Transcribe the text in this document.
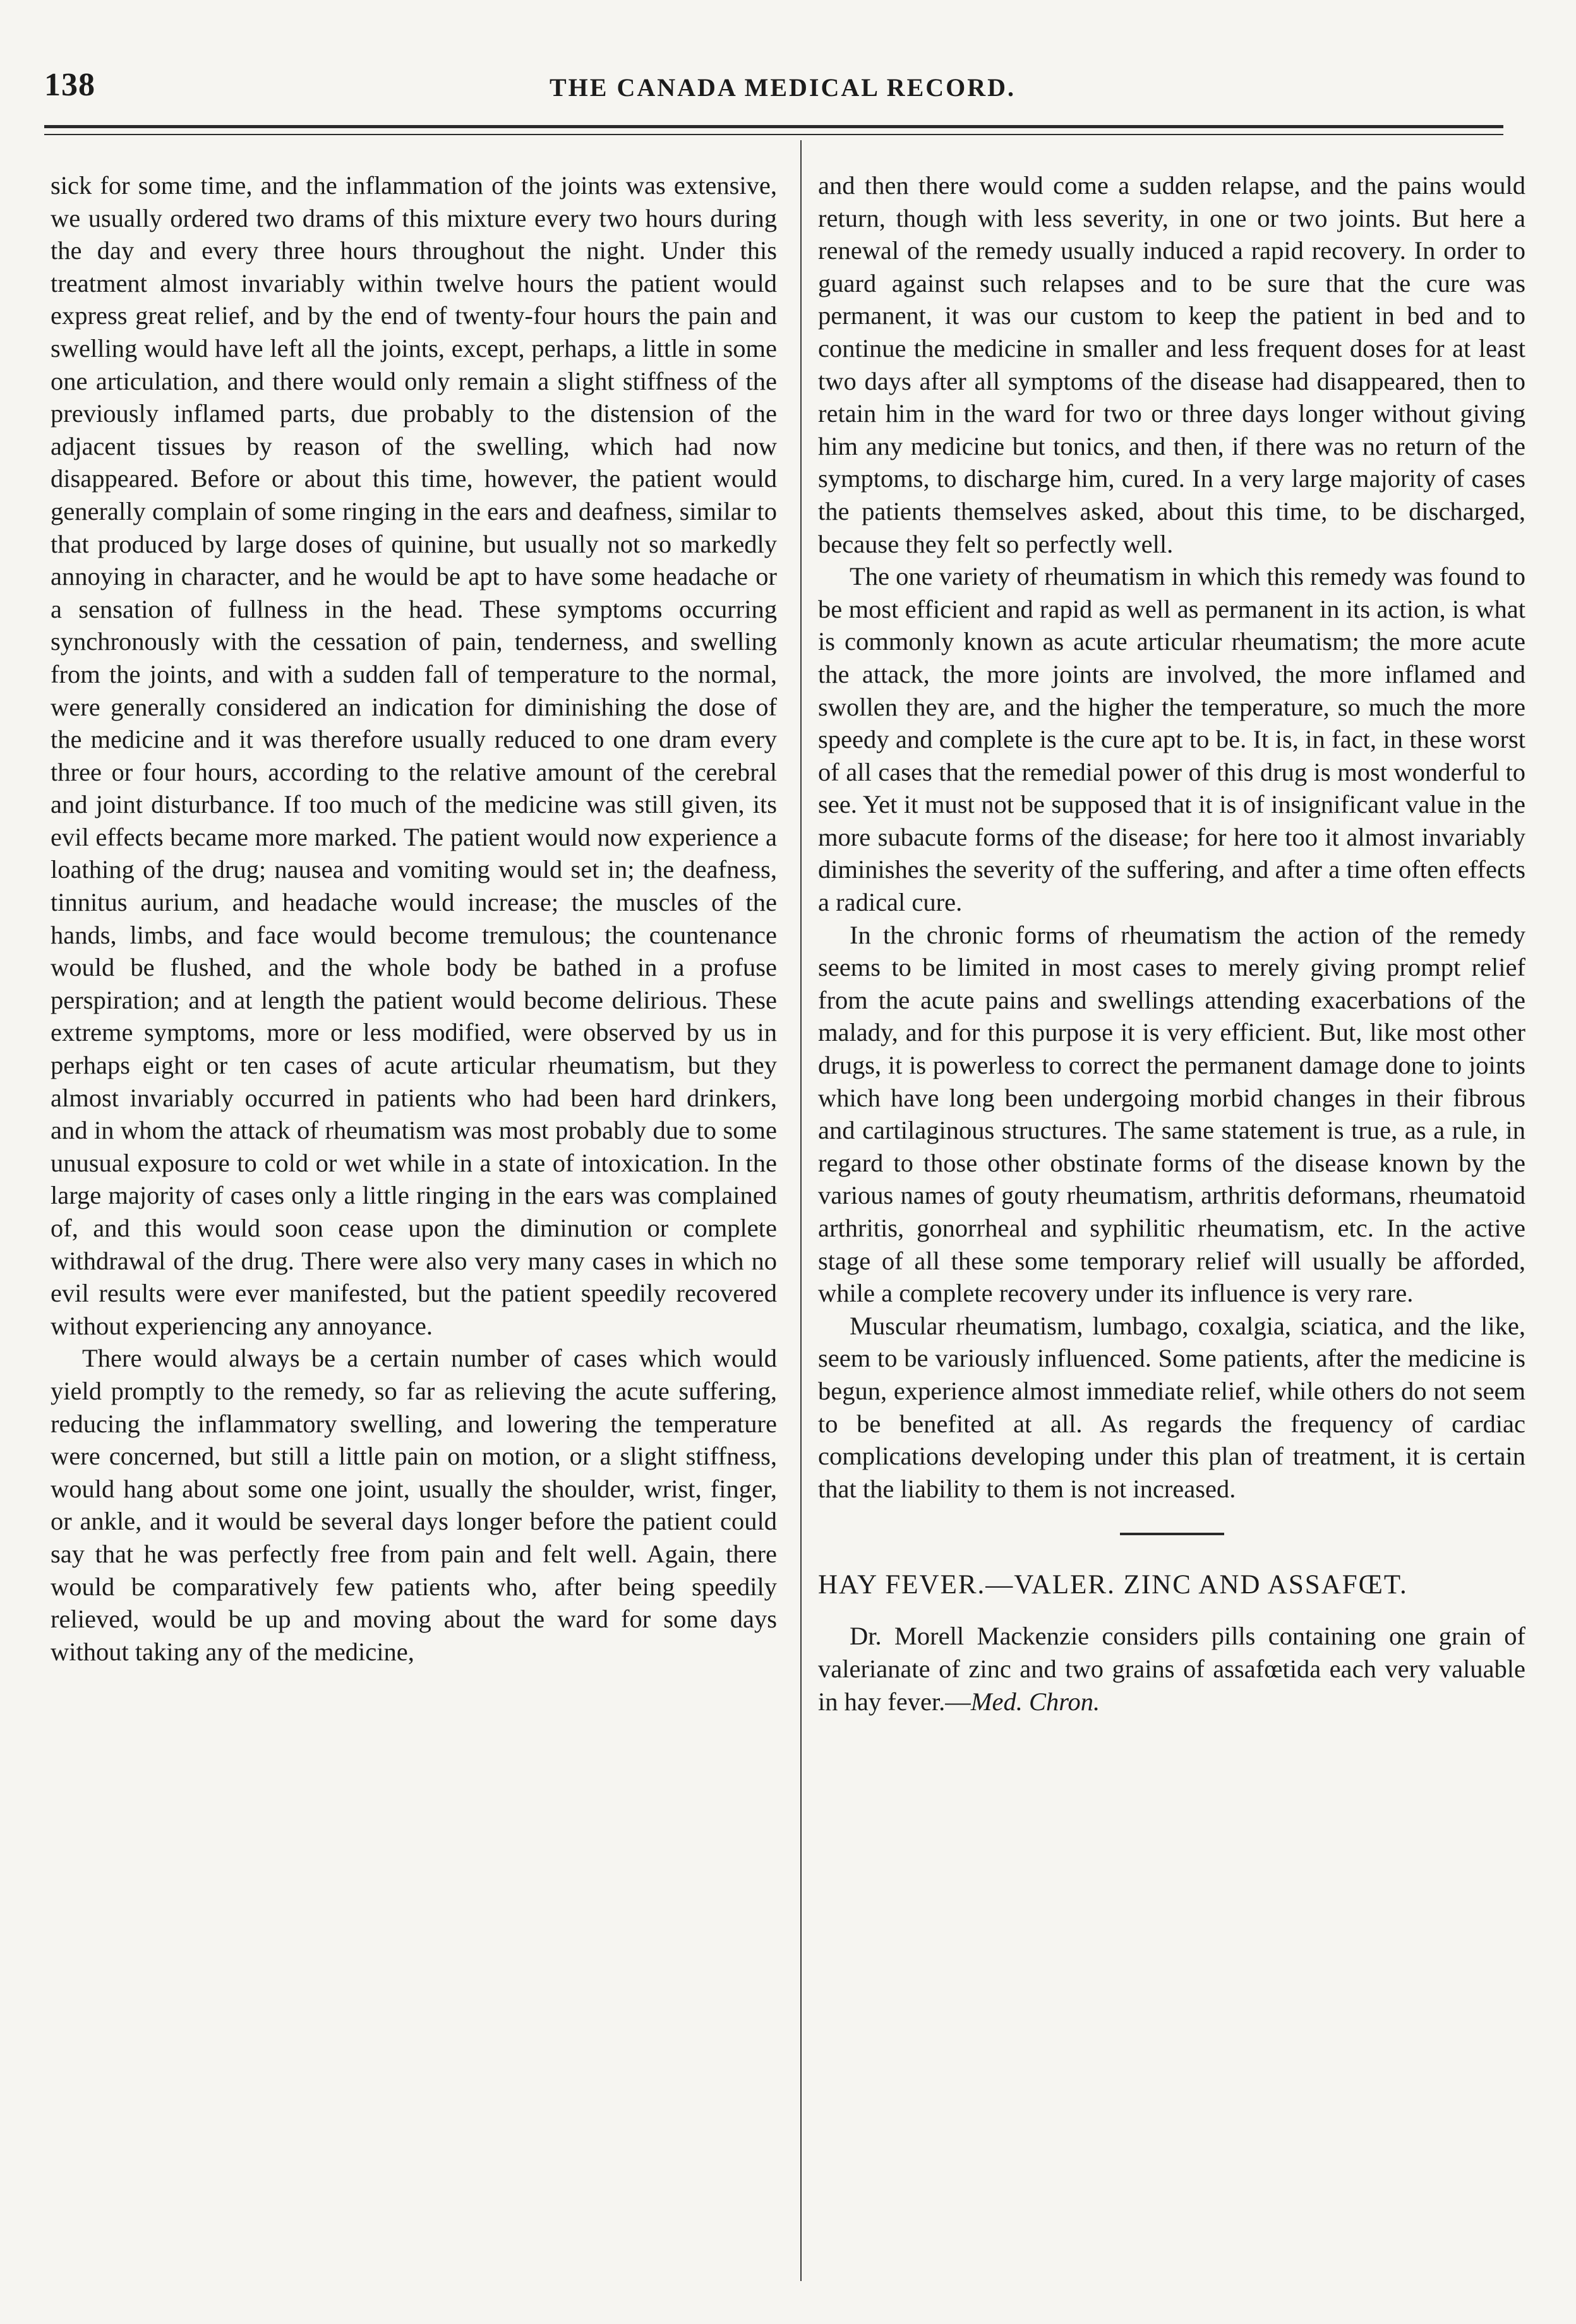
138	THE CANADA MEDICAL RECORD.

sick for some time, and the inflammation of the joints was extensive, we usually ordered two drams of this mixture every two hours during the day and every three hours throughout the night. Under this treatment almost invariably within twelve hours the patient would express great relief, and by the end of twenty-four hours the pain and swelling would have left all the joints, except, perhaps, a little in some one articulation, and there would only remain a slight stiffness of the previously inflamed parts, due probably to the distension of the adjacent tissues by reason of the swelling, which had now disappeared. Before or about this time, however, the patient would generally complain of some ringing in the ears and deafness, similar to that produced by large doses of quinine, but usually not so markedly annoying in character, and he would be apt to have some headache or a sensation of fullness in the head. These symptoms occurring synchronously with the cessation of pain, tenderness, and swelling from the joints, and with a sudden fall of temperature to the normal, were generally considered an indication for diminishing the dose of the medicine and it was therefore usually reduced to one dram every three or four hours, according to the relative amount of the cerebral and joint disturbance. If too much of the medicine was still given, its evil effects became more marked. The patient would now experience a loathing of the drug; nausea and vomiting would set in; the deafness, tinnitus aurium, and headache would increase; the muscles of the hands, limbs, and face would become tremulous; the countenance would be flushed, and the whole body be bathed in a profuse perspiration; and at length the patient would become delirious. These extreme symptoms, more or less modified, were observed by us in perhaps eight or ten cases of acute articular rheumatism, but they almost invariably occurred in patients who had been hard drinkers, and in whom the attack of rheumatism was most probably due to some unusual exposure to cold or wet while in a state of intoxication. In the large majority of cases only a little ringing in the ears was complained of, and this would soon cease upon the diminution or complete withdrawal of the drug. There were also very many cases in which no evil results were ever manifested, but the patient speedily recovered without experiencing any annoyance.

There would always be a certain number of cases which would yield promptly to the remedy, so far as relieving the acute suffering, reducing the inflammatory swelling, and lowering the temperature were concerned, but still a little pain on motion, or a slight stiffness, would hang about some one joint, usually the shoulder, wrist, finger, or ankle, and it would be several days longer before the patient could say that he was perfectly free from pain and felt well. Again, there would be comparatively few patients who, after being speedily relieved, would be up and moving about the ward for some days without taking any of the medicine,

and then there would come a sudden relapse, and the pains would return, though with less severity, in one or two joints. But here a renewal of the remedy usually induced a rapid recovery. In order to guard against such relapses and to be sure that the cure was permanent, it was our custom to keep the patient in bed and to continue the medicine in smaller and less frequent doses for at least two days after all symptoms of the disease had disappeared, then to retain him in the ward for two or three days longer without giving him any medicine but tonics, and then, if there was no return of the symptoms, to discharge him, cured. In a very large majority of cases the patients themselves asked, about this time, to be discharged, because they felt so perfectly well.

The one variety of rheumatism in which this remedy was found to be most efficient and rapid as well as permanent in its action, is what is commonly known as acute articular rheumatism; the more acute the attack, the more joints are involved, the more inflamed and swollen they are, and the higher the temperature, so much the more speedy and complete is the cure apt to be. It is, in fact, in these worst of all cases that the remedial power of this drug is most wonderful to see. Yet it must not be supposed that it is of insignificant value in the more subacute forms of the disease; for here too it almost invariably diminishes the severity of the suffering, and after a time often effects a radical cure.

In the chronic forms of rheumatism the action of the remedy seems to be limited in most cases to merely giving prompt relief from the acute pains and swellings attending exacerbations of the malady, and for this purpose it is very efficient. But, like most other drugs, it is powerless to correct the permanent damage done to joints which have long been undergoing morbid changes in their fibrous and cartilaginous structures. The same statement is true, as a rule, in regard to those other obstinate forms of the disease known by the various names of gouty rheumatism, arthritis deformans, rheumatoid arthritis, gonorrheal and syphilitic rheumatism, etc. In the active stage of all these some temporary relief will usually be afforded, while a complete recovery under its influence is very rare.

Muscular rheumatism, lumbago, coxalgia, sciatica, and the like, seem to be variously influenced. Some patients, after the medicine is begun, experience almost immediate relief, while others do not seem to be benefited at all. As regards the frequency of cardiac complications developing under this plan of treatment, it is certain that the liability to them is not increased.

HAY FEVER.—VALER. ZINC AND ASSAFŒT.

Dr. Morell Mackenzie considers pills containing one grain of valerianate of zinc and two grains of assafœtida each very valuable in hay fever.—Med. Chron.
